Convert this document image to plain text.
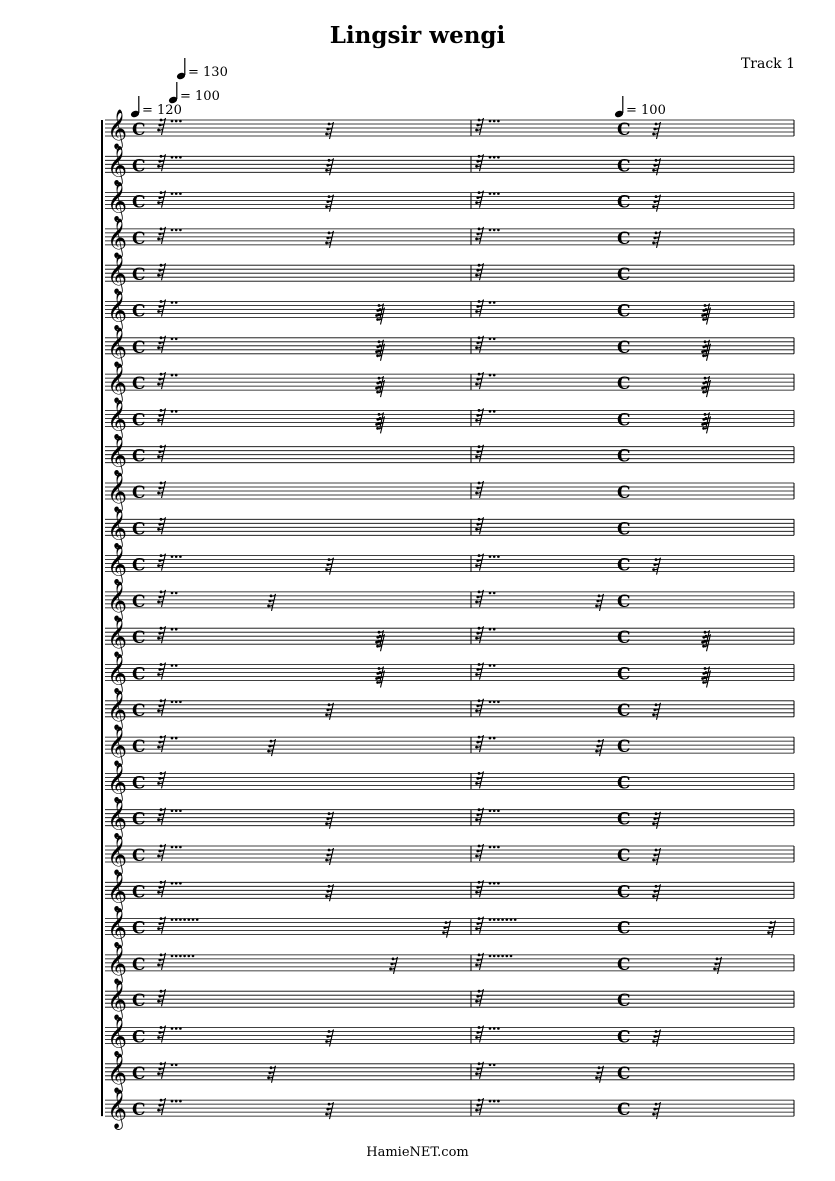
Lingsir wengi
Track 1
= 130
= 100
= 120	= 100
𝄞 C	C
𝄞 C	C
𝄞 C	C
𝄞 C	C
𝄞 C	C
𝄞 C	C
𝄞 C	C
𝄞 C	C
𝄞 C	C
𝄞 C	C
𝄞 C	C
𝄞 C	C
𝄞 C	C
𝄞 C	C
𝄞 C	C
𝄞 C	C
𝄞 C	C
𝄞 C	C
𝄞 C	C
𝄞 C	C
𝄞 C	C
𝄞 C	C
𝄞 C	C
𝄞 C	C
𝄞 C	C
𝄞 C	C
𝄞 C	C
𝄞 C	C
HamieNET.com
